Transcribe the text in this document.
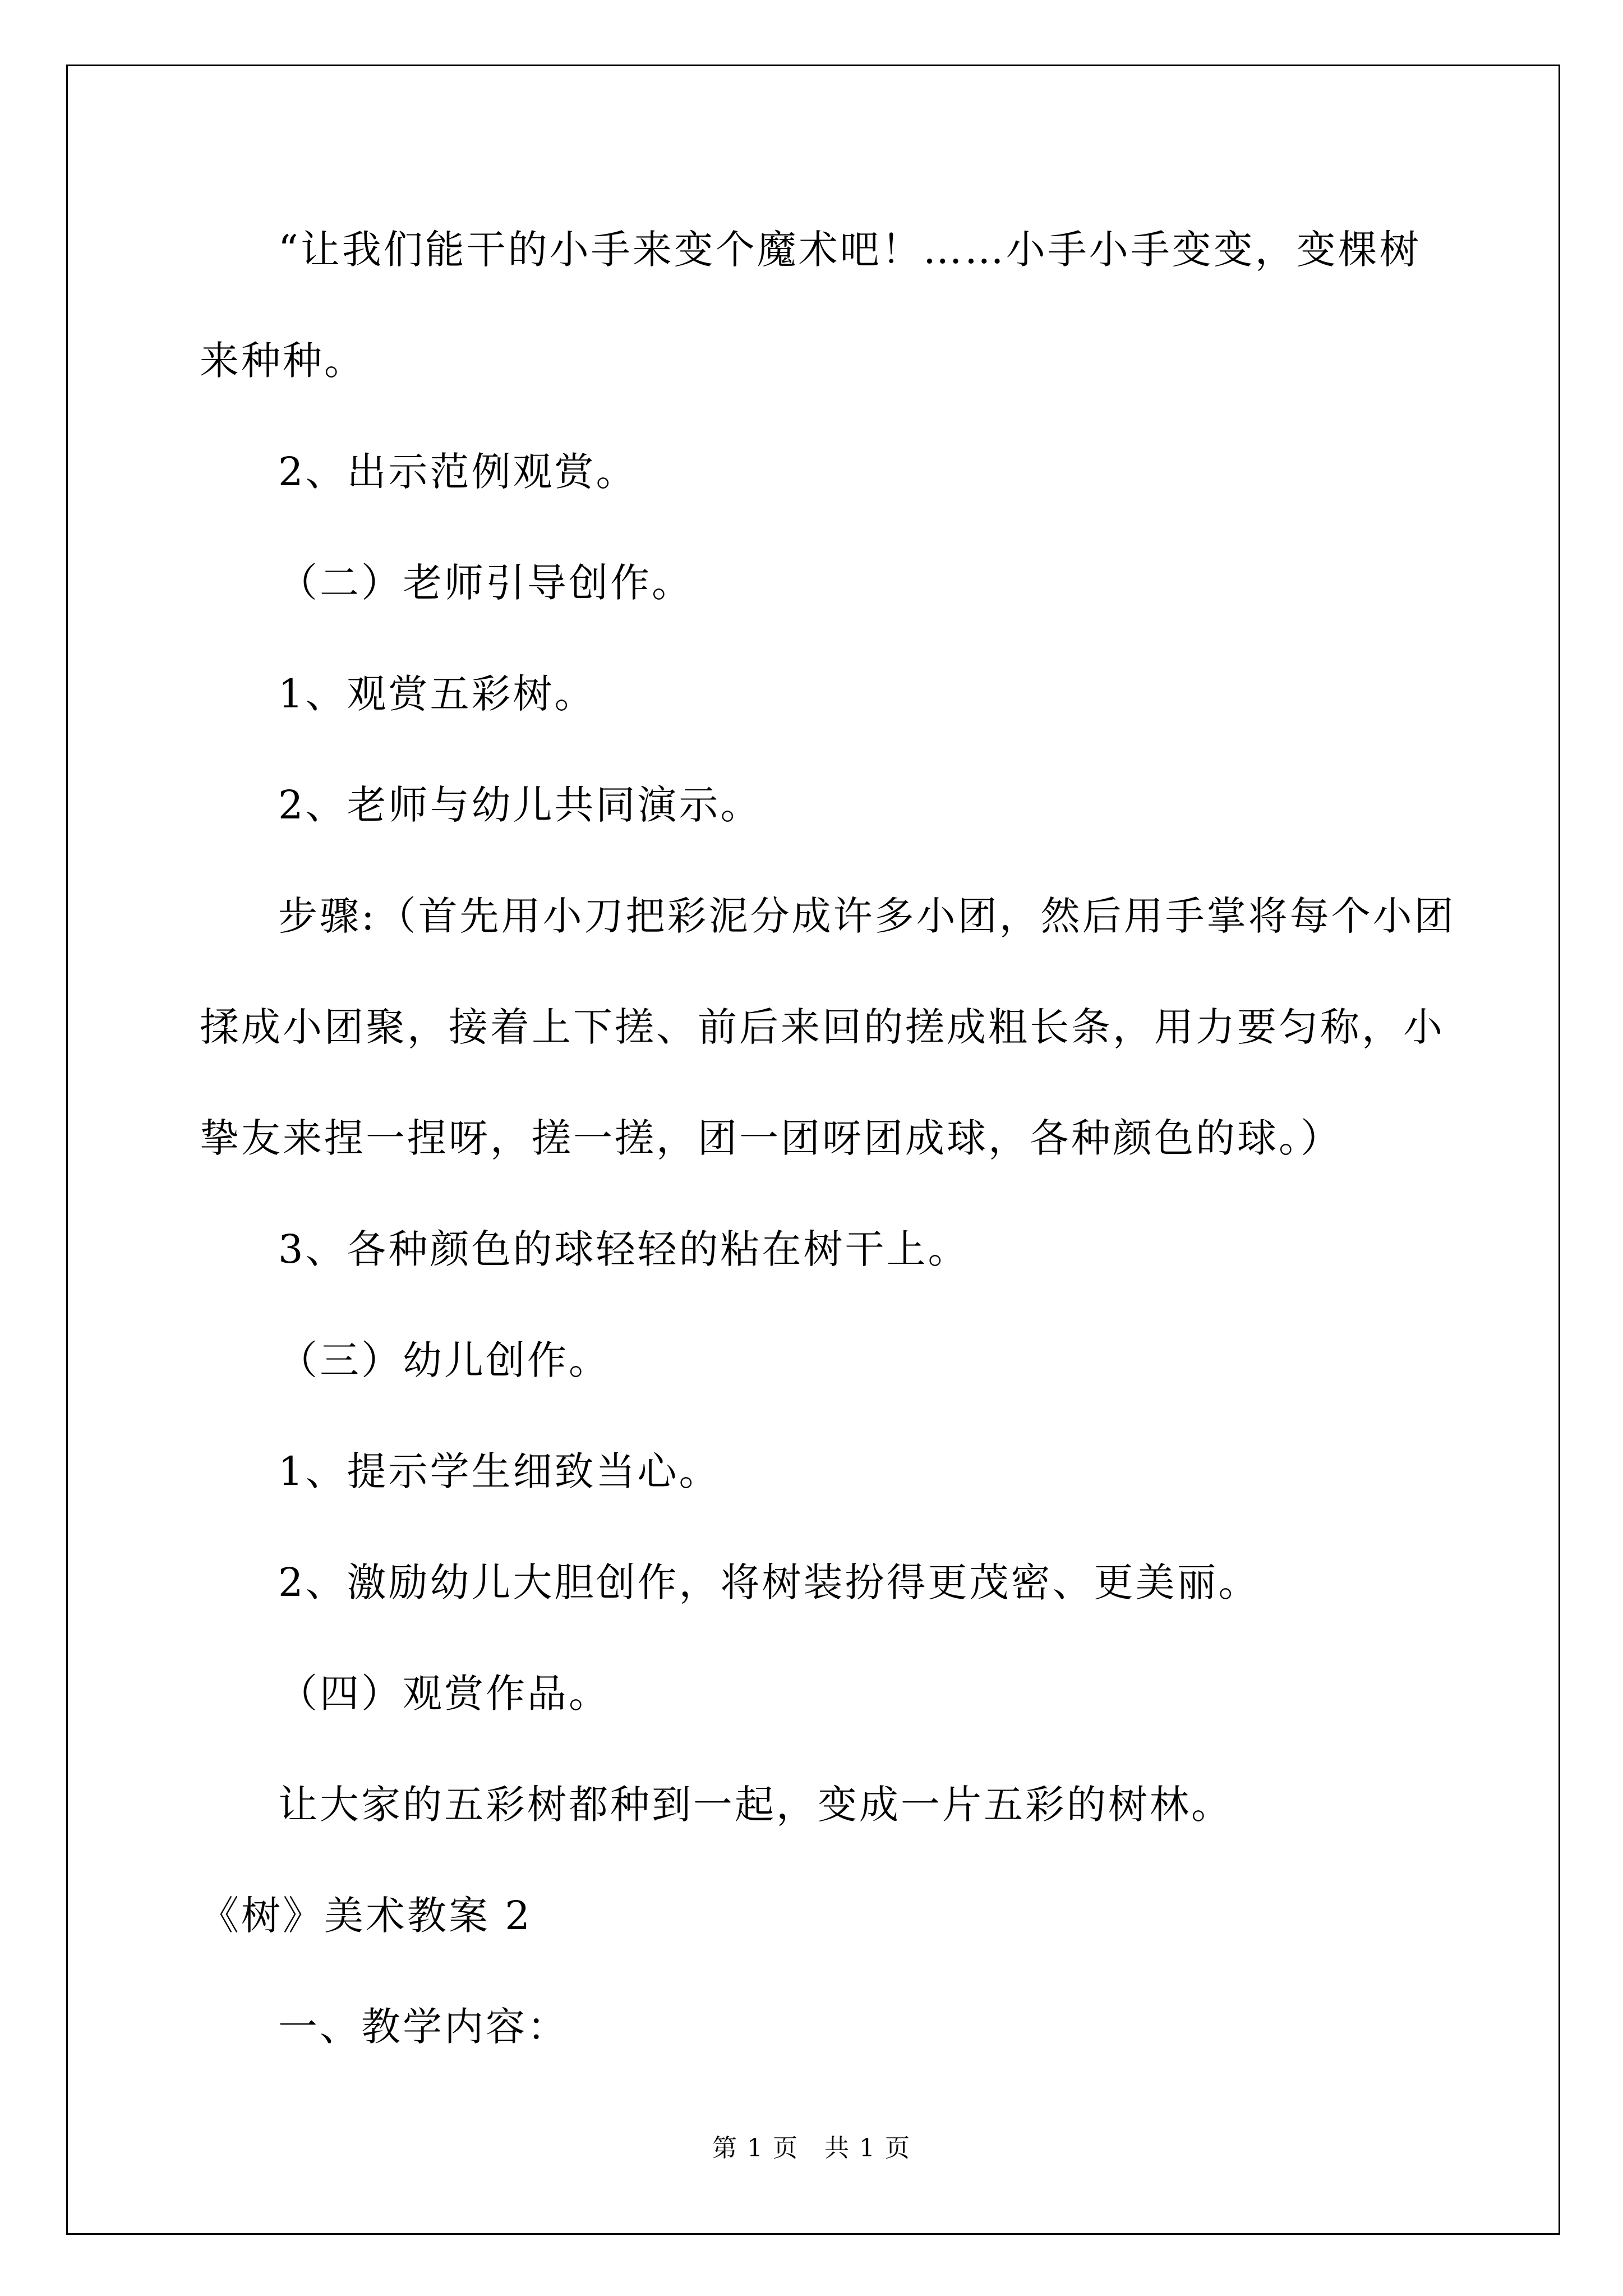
“让我们能干的小手来变个魔术吧！……小手小手变变，变棵树

来种种。

2、出示范例观赏。

（二）老师引导创作。

1、观赏五彩树。

2、老师与幼儿共同演示。

步骤:（首先用小刀把彩泥分成许多小团，然后用手掌将每个小团

揉成小团聚，接着上下搓、前后来回的搓成粗长条，用力要匀称，小

挚友来捏一捏呀，搓一搓，团一团呀团成球，各种颜色的球。）

3、各种颜色的球轻轻的粘在树干上。

（三）幼儿创作。

1、提示学生细致当心。

2、激励幼儿大胆创作，将树装扮得更茂密、更美丽。

（四）观赏作品。

让大家的五彩树都种到一起，变成一片五彩的树林。

《树》美术教案 2

一、教学内容：

第 1 页　共 1 页
